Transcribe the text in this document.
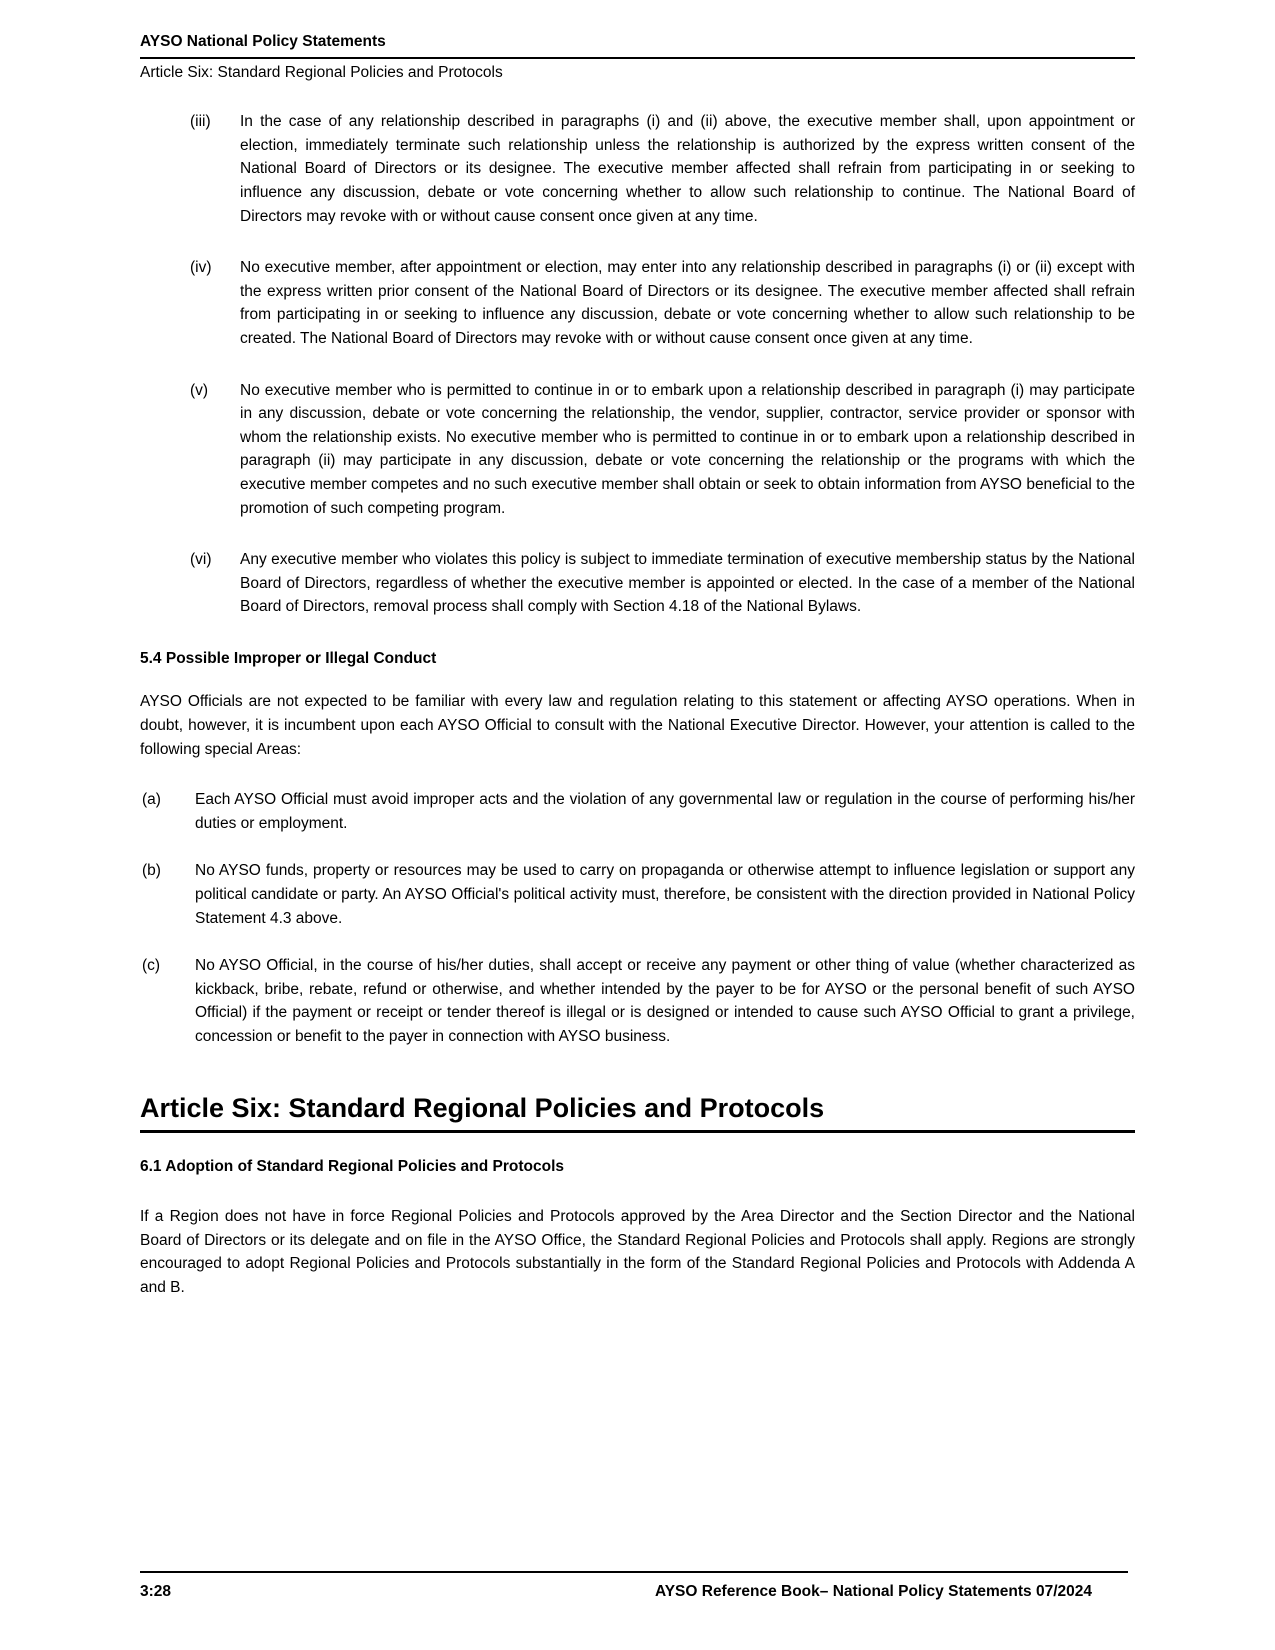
AYSO National Policy Statements
Article Six: Standard Regional Policies and Protocols
(iii) In the case of any relationship described in paragraphs (i) and (ii) above, the executive member shall, upon appointment or election, immediately terminate such relationship unless the relationship is authorized by the express written consent of the National Board of Directors or its designee. The executive member affected shall refrain from participating in or seeking to influence any discussion, debate or vote concerning whether to allow such relationship to continue. The National Board of Directors may revoke with or without cause consent once given at any time.
(iv) No executive member, after appointment or election, may enter into any relationship described in paragraphs (i) or (ii) except with the express written prior consent of the National Board of Directors or its designee. The executive member affected shall refrain from participating in or seeking to influence any discussion, debate or vote concerning whether to allow such relationship to be created. The National Board of Directors may revoke with or without cause consent once given at any time.
(v) No executive member who is permitted to continue in or to embark upon a relationship described in paragraph (i) may participate in any discussion, debate or vote concerning the relationship, the vendor, supplier, contractor, service provider or sponsor with whom the relationship exists. No executive member who is permitted to continue in or to embark upon a relationship described in paragraph (ii) may participate in any discussion, debate or vote concerning the relationship or the programs with which the executive member competes and no such executive member shall obtain or seek to obtain information from AYSO beneficial to the promotion of such competing program.
(vi) Any executive member who violates this policy is subject to immediate termination of executive membership status by the National Board of Directors, regardless of whether the executive member is appointed or elected. In the case of a member of the National Board of Directors, removal process shall comply with Section 4.18 of the National Bylaws.
5.4 Possible Improper or Illegal Conduct

AYSO Officials are not expected to be familiar with every law and regulation relating to this statement or affecting AYSO operations. When in doubt, however, it is incumbent upon each AYSO Official to consult with the National Executive Director. However, your attention is called to the following special Areas:

(a) Each AYSO Official must avoid improper acts and the violation of any governmental law or regulation in the course of performing his/her duties or employment.
(b) No AYSO funds, property or resources may be used to carry on propaganda or otherwise attempt to influence legislation or support any political candidate or party. An AYSO Official's political activity must, therefore, be consistent with the direction provided in National Policy Statement 4.3 above.
(c) No AYSO Official, in the course of his/her duties, shall accept or receive any payment or other thing of value (whether characterized as kickback, bribe, rebate, refund or otherwise, and whether intended by the payer to be for AYSO or the personal benefit of such AYSO Official) if the payment or receipt or tender thereof is illegal or is designed or intended to cause such AYSO Official to grant a privilege, concession or benefit to the payer in connection with AYSO business.
Article Six: Standard Regional Policies and Protocols
6.1 Adoption of Standard Regional Policies and Protocols

If a Region does not have in force Regional Policies and Protocols approved by the Area Director and the Section Director and the National Board of Directors or its delegate and on file in the AYSO Office, the Standard Regional Policies and Protocols shall apply. Regions are strongly encouraged to adopt Regional Policies and Protocols substantially in the form of the Standard Regional Policies and Protocols with Addenda A and B.

3:28	AYSO Reference Book– National Policy Statements 07/2024
